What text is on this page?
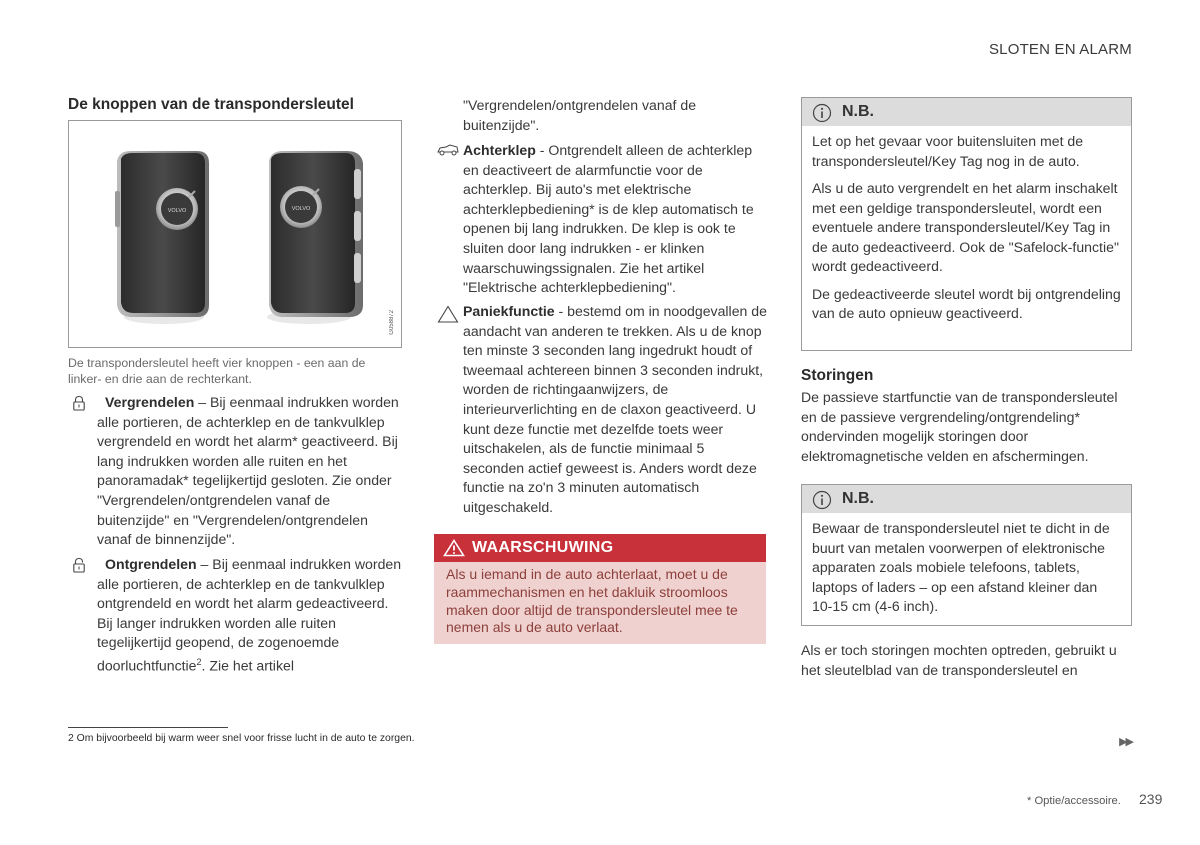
SLOTEN EN ALARM
De knoppen van de transpondersleutel
VOLVO	VOLVO
G058872
De transpondersleutel heeft vier knoppen - een aan de linker- en drie aan de rechterkant.
Vergrendelen – Bij eenmaal indrukken worden alle portieren, de achterklep en de tankvulklep vergrendeld en wordt het alarm* geactiveerd. Bij lang indrukken worden alle ruiten en het panoramadak* tegelijkertijd gesloten. Zie onder "Vergrendelen/ontgrendelen vanaf de buitenzijde" en "Vergrendelen/ontgrendelen vanaf de binnenzijde".
Ontgrendelen – Bij eenmaal indrukken worden alle portieren, de achterklep en de tankvulklep ontgrendeld en wordt het alarm gedeactiveerd. Bij langer indrukken worden alle ruiten tegelijkertijd geopend, de zogenoemde doorluchtfunctie$^2$. Zie het artikel
"Vergrendelen/ontgrendelen vanaf de buitenzijde".
Achterklep - Ontgrendelt alleen de achterklep en deactiveert de alarmfunctie voor de achterklep. Bij auto's met elektrische achterklepbediening* is de klep automatisch te openen bij lang indrukken. De klep is ook te sluiten door lang indrukken - er klinken waarschuwingssignalen. Zie het artikel "Elektrische achterklepbediening".
Paniekfunctie - bestemd om in noodgevallen de aandacht van anderen te trekken. Als u de knop ten minste 3 seconden lang ingedrukt houdt of tweemaal achtereen binnen 3 seconden indrukt, worden de richtingaanwijzers, de interieurverlichting en de claxon geactiveerd. U kunt deze functie met dezelfde toets weer uitschakelen, als de functie minimaal 5 seconden actief geweest is. Anders wordt deze functie na zo'n 3 minuten automatisch uitgeschakeld.
WAARSCHUWING
Als u iemand in de auto achterlaat, moet u de raammechanismen en het dakluik stroomloos maken door altijd de transpondersleutel mee te nemen als u de auto verlaat.
N.B.

Let op het gevaar voor buitensluiten met de transpondersleutel/Key Tag nog in de auto.

Als u de auto vergrendelt en het alarm inschakelt met een geldige transpondersleutel, wordt een eventuele andere transpondersleutel/Key Tag in de auto gedeactiveerd. Ook de "Safelock-functie" wordt gedeactiveerd.

De gedeactiveerde sleutel wordt bij ontgrendeling van de auto opnieuw geactiveerd.

Storingen
De passieve startfunctie van de transpondersleutel en de passieve vergrendeling/ontgrendeling* ondervinden mogelijk storingen door elektromagnetische velden en afschermingen.
N.B.

Bewaar de transpondersleutel niet te dicht in de buurt van metalen voorwerpen of elektronische apparaten zoals mobiele telefoons, tablets, laptops of laders – op een afstand kleiner dan 10-15 cm (4-6 inch).

Als er toch storingen mochten optreden, gebruikt u het sleutelblad van de transpondersleutel en
2 Om bijvoorbeeld bij warm weer snel voor frisse lucht in de auto te zorgen.	▶▶
* Optie/accessoire. 239
